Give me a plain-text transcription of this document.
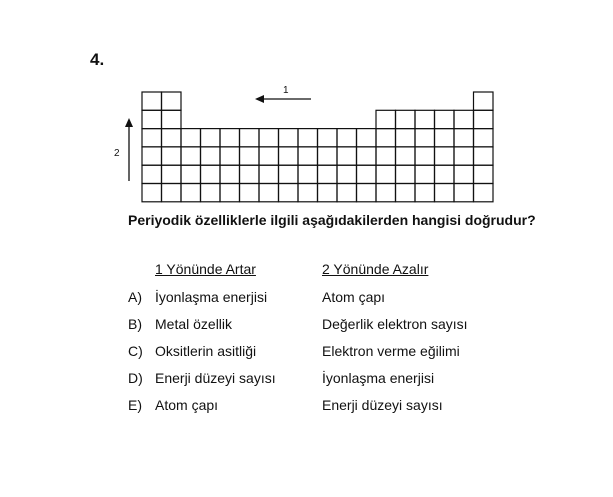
4.
1
2
Periyodik özelliklerle ilgili aşağıdakilerden hangisi doğrudur?
1 Yönünde Artar	2 Yönünde Azalır
A) İyonlaşma enerjisi	Atom çapı
B) Metal özellik	Değerlik elektron sayısı
C) Oksitlerin asitliği	Elektron verme eğilimi
D) Enerji düzeyi sayısı	İyonlaşma enerjisi
E) Atom çapı	Enerji düzeyi sayısı
